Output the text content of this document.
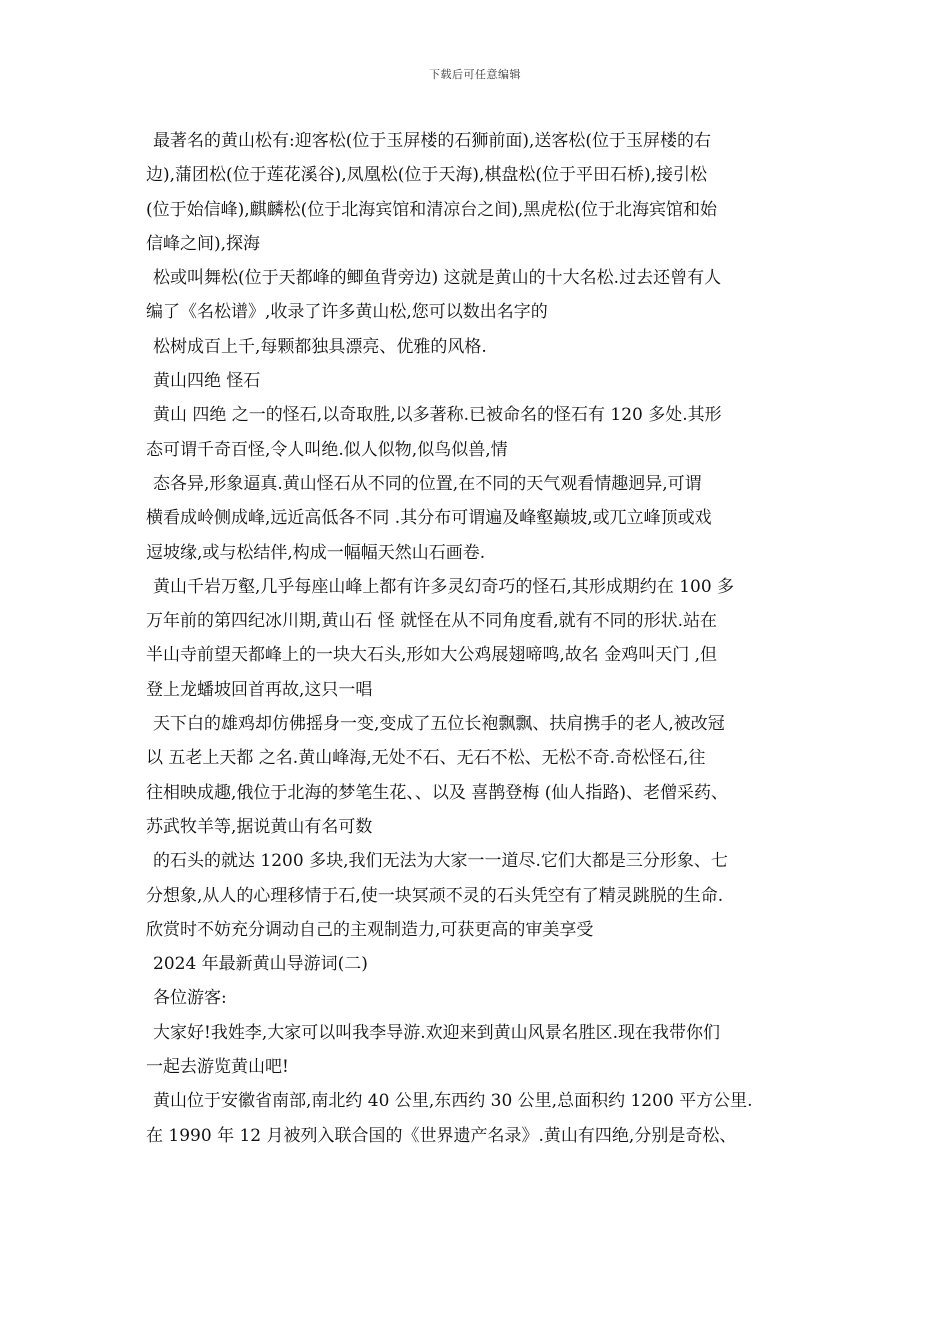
下载后可任意编辑
最著名的黄山松有:迎客松(位于玉屏楼的石狮前面),送客松(位于玉屏楼的右
边),蒲团松(位于莲花溪谷),凤凰松(位于天海),棋盘松(位于平田石桥),接引松
(位于始信峰),麒麟松(位于北海宾馆和清凉台之间),黑虎松(位于北海宾馆和始
信峰之间),探海
松或叫舞松(位于天都峰的鲫鱼背旁边) 这就是黄山的十大名松.过去还曾有人
编了《名松谱》,收录了许多黄山松,您可以数出名字的
松树成百上千,每颗都独具漂亮、优雅的风格.
黄山四绝 怪石
黄山 四绝 之一的怪石,以奇取胜,以多著称.已被命名的怪石有 120 多处.其形
态可谓千奇百怪,令人叫绝.似人似物,似鸟似兽,情
态各异,形象逼真.黄山怪石从不同的位置,在不同的天气观看情趣迥异,可谓
横看成岭侧成峰,远近高低各不同 .其分布可谓遍及峰壑巅坡,或兀立峰顶或戏
逗坡缘,或与松结伴,构成一幅幅天然山石画卷.
黄山千岩万壑,几乎每座山峰上都有许多灵幻奇巧的怪石,其形成期约在 100 多
万年前的第四纪冰川期,黄山石 怪 就怪在从不同角度看,就有不同的形状.站在
半山寺前望天都峰上的一块大石头,形如大公鸡展翅啼鸣,故名 金鸡叫天门 ,但
登上龙蟠坡回首再故,这只一唱
天下白的雄鸡却仿佛摇身一变,变成了五位长袍飘飘、扶肩携手的老人,被改冠
以 五老上天都 之名.黄山峰海,无处不石、无石不松、无松不奇.奇松怪石,往
往相映成趣,俄位于北海的梦笔生花、、以及 喜鹊登梅 (仙人指路)、老僧采药、
苏武牧羊等,据说黄山有名可数
的石头的就达 1200 多块,我们无法为大家一一道尽.它们大都是三分形象、七
分想象,从人的心理移情于石,使一块冥顽不灵的石头凭空有了精灵跳脱的生命.
欣赏时不妨充分调动自己的主观制造力,可获更高的审美享受
2024 年最新黄山导游词(二)
各位游客:
大家好!我姓李,大家可以叫我李导游.欢迎来到黄山风景名胜区.现在我带你们
一起去游览黄山吧!
黄山位于安徽省南部,南北约 40 公里,东西约 30 公里,总面积约 1200 平方公里.
在 1990 年 12 月被列入联合国的《世界遗产名录》.黄山有四绝,分别是奇松、
